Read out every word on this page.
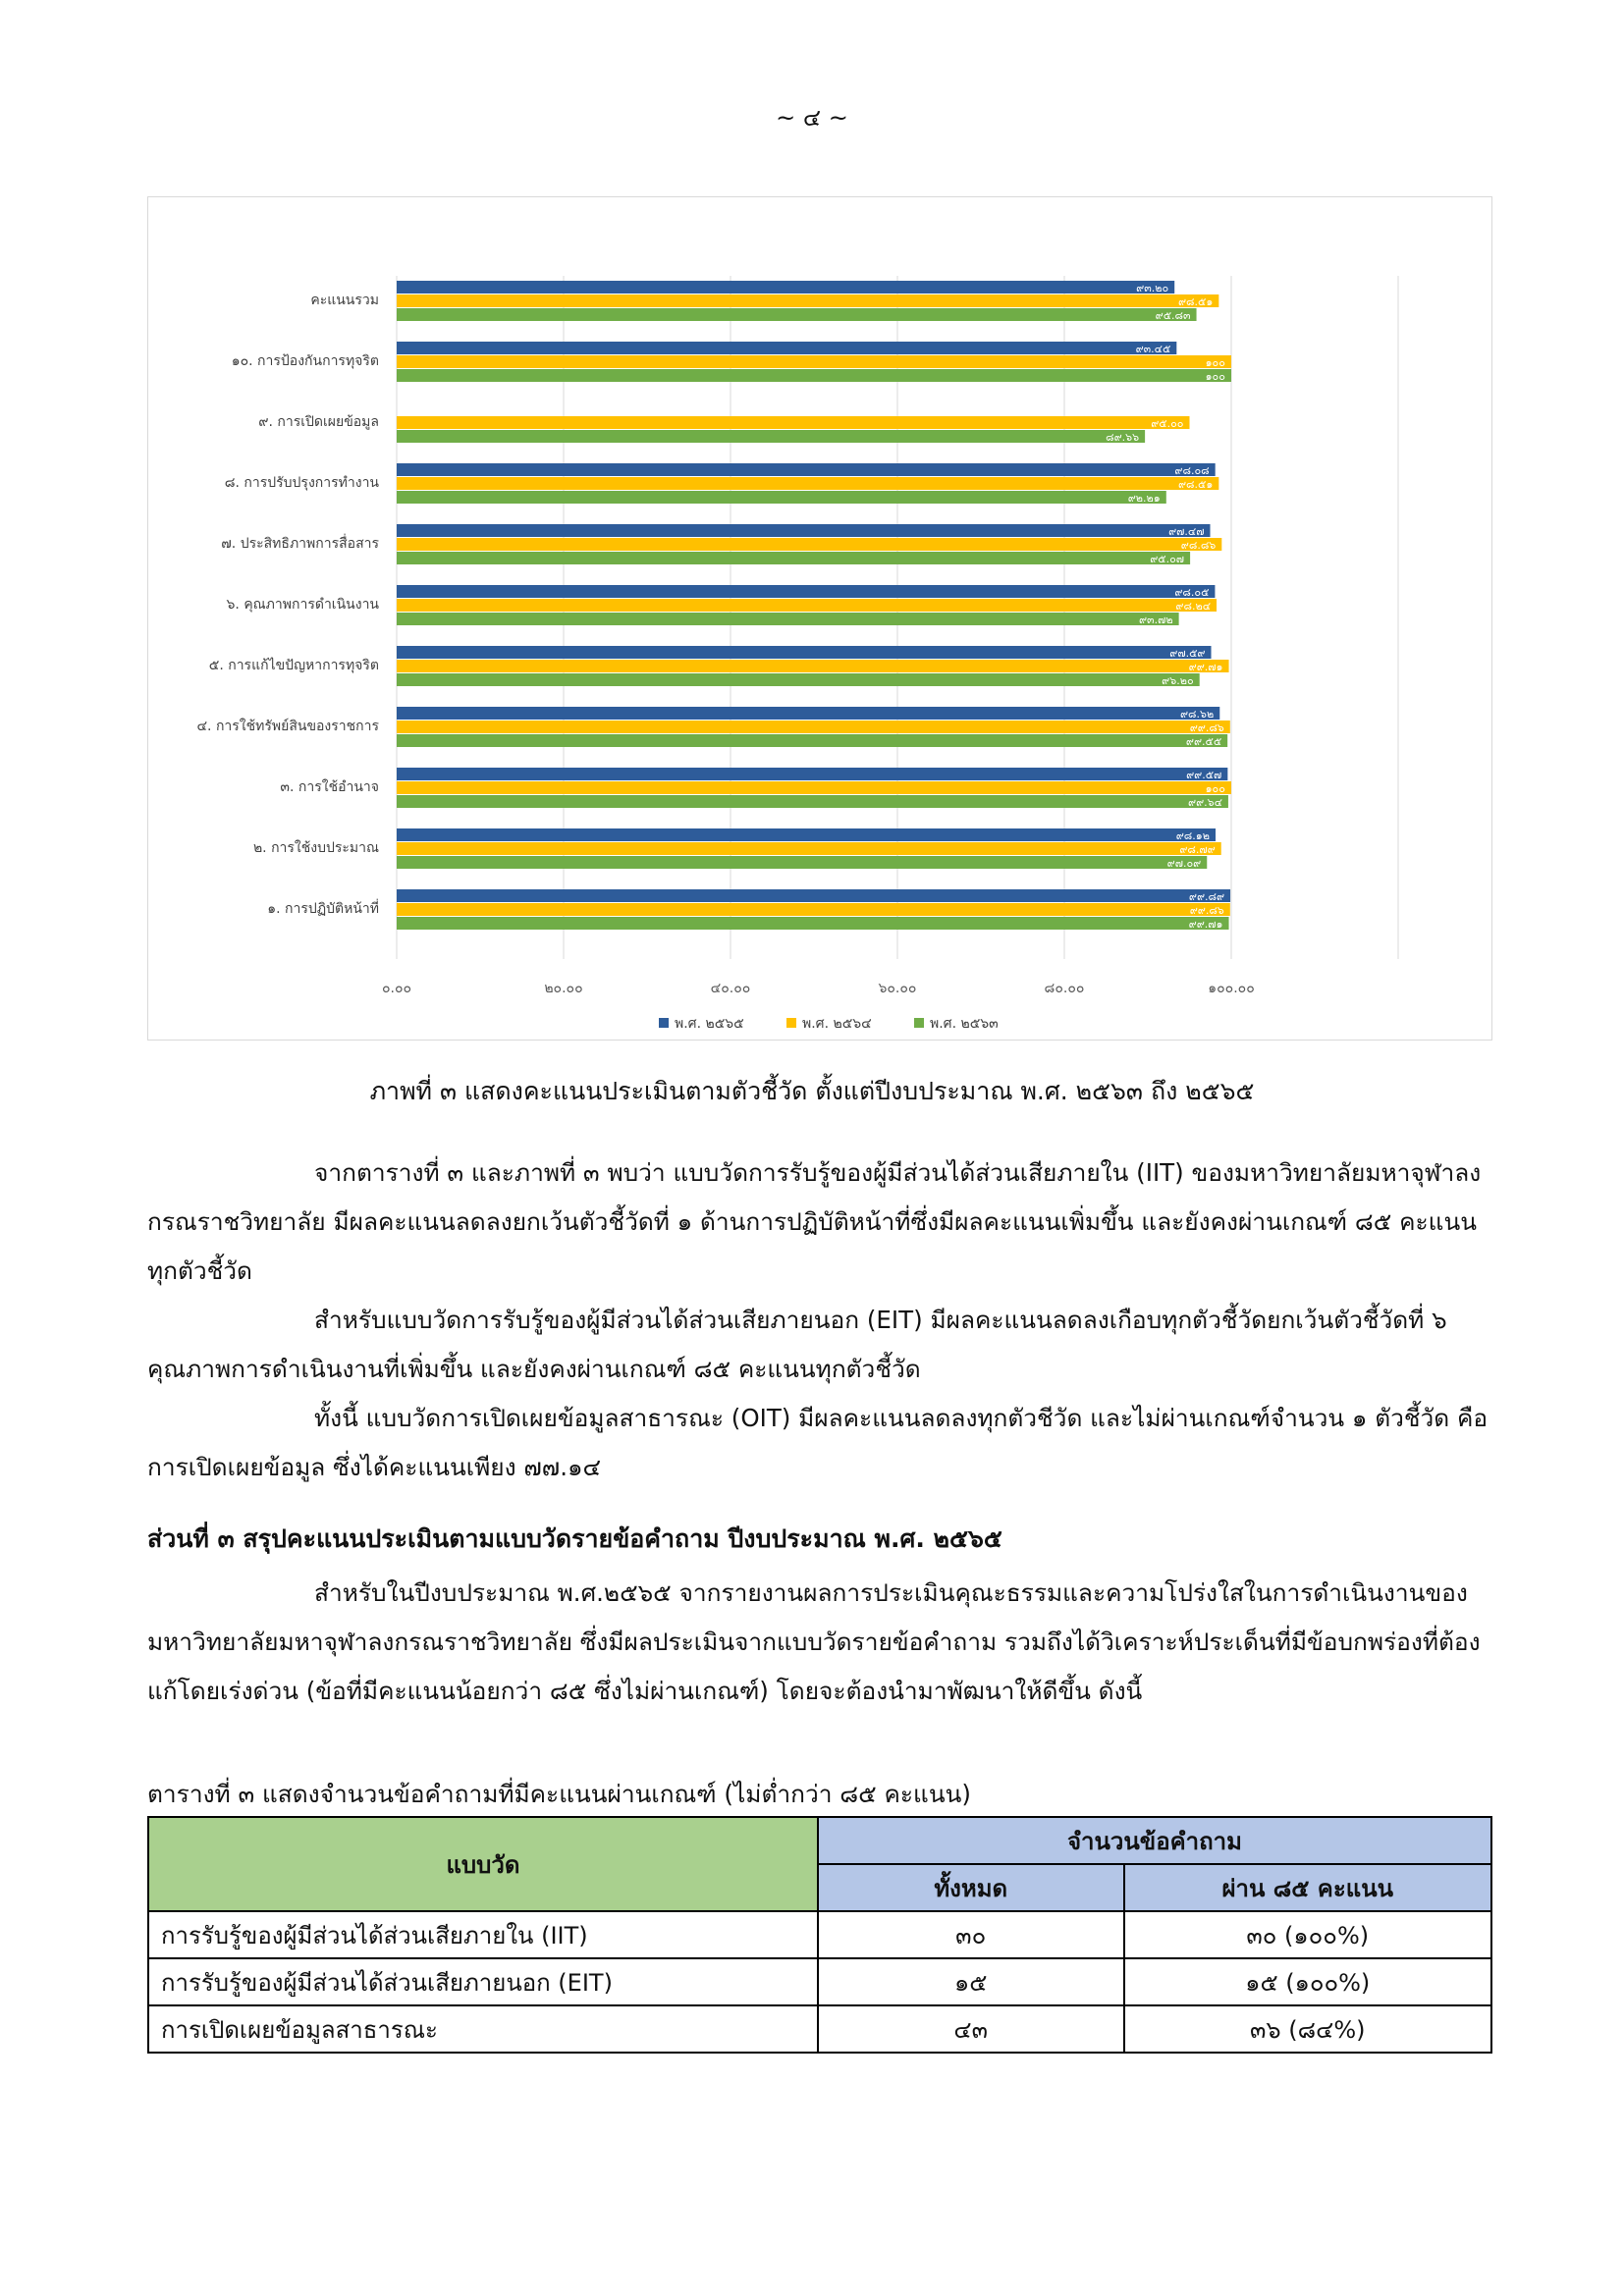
~ ๔ ~
๐.๐๐	๒๐.๐๐	๔๐.๐๐	๖๐.๐๐	๘๐.๐๐	๑๐๐.๐๐
คะแนนรวม
๙๓.๒๐
๙๘.๕๑
๙๕.๘๓
๑๐. การป้องกันการทุจริต
๙๓.๔๕
๑๐๐
๑๐๐
๙. การเปิดเผยข้อมูล	๙๕.๐๐
๘๙.๖๖
๘. การปรับปรุงการทำงาน
๙๘.๐๘
๙๘.๕๑
๙๒.๒๑
๗. ประสิทธิภาพการสื่อสาร
๙๗.๔๗
๙๘.๘๖
๙๕.๐๗
๖. คุณภาพการดำเนินงาน
๙๘.๐๕
๙๘.๒๔
๙๓.๗๒
๕. การแก้ไขปัญหาการทุจริต
๙๗.๕๙
๙๙.๗๑
๙๖.๒๐
๔. การใช้ทรัพย์สินของราชการ
๙๘.๖๒
๙๙.๘๖
๙๙.๕๕
๓. การใช้อำนาจ
๙๙.๕๗
๑๐๐
๙๙.๖๔
๒. การใช้งบประมาณ
๙๘.๑๒
๙๘.๗๙
๙๗.๐๙
๑. การปฏิบัติหน้าที่
๙๙.๘๙
๙๙.๘๖
๙๙.๗๑
พ.ศ. ๒๕๖๕	พ.ศ. ๒๕๖๔	พ.ศ. ๒๕๖๓
ภาพที่ ๓ แสดงคะแนนประเมินตามตัวชี้วัด ตั้งแต่ปีงบประมาณ พ.ศ. ๒๕๖๓ ถึง ๒๕๖๕

จากตารางที่ ๓ และภาพที่ ๓ พบว่า แบบวัดการรับรู้ของผู้มีส่วนได้ส่วนเสียภายใน (IIT) ของมหาวิทยาลัยมหาจุฬาลงกรณราชวิทยาลัย มีผลคะแนนลดลงยกเว้นตัวชี้วัดที่ ๑ ด้านการปฏิบัติหน้าที่ซึ่งมีผลคะแนนเพิ่มขึ้น และยังคงผ่านเกณฑ์ ๘๕ คะแนนทุกตัวชี้วัด

สำหรับแบบวัดการรับรู้ของผู้มีส่วนได้ส่วนเสียภายนอก (EIT) มีผลคะแนนลดลงเกือบทุกตัวชี้วัดยกเว้นตัวชี้วัดที่ ๖ คุณภาพการดำเนินงานที่เพิ่มขึ้น และยังคงผ่านเกณฑ์ ๘๕ คะแนนทุกตัวชี้วัด

ทั้งนี้ แบบวัดการเปิดเผยข้อมูลสาธารณะ (OIT) มีผลคะแนนลดลงทุกตัวชีวัด และไม่ผ่านเกณฑ์จำนวน ๑ ตัวชี้วัด คือ การเปิดเผยข้อมูล ซึ่งได้คะแนนเพียง ๗๗.๑๔

ส่วนที่ ๓ สรุปคะแนนประเมินตามแบบวัดรายข้อคำถาม ปีงบประมาณ พ.ศ. ๒๕๖๕

สำหรับในปีงบประมาณ พ.ศ.๒๕๖๕ จากรายงานผลการประเมินคุณะธรรมและความโปร่งใสในการดำเนินงานของมหาวิทยาลัยมหาจุฬาลงกรณราชวิทยาลัย ซึ่งมีผลประเมินจากแบบวัดรายข้อคำถาม รวมถึงได้วิเคราะห์ประเด็นที่มีข้อบกพร่องที่ต้องแก้โดยเร่งด่วน (ข้อที่มีคะแนนน้อยกว่า ๘๕ ซึ่งไม่ผ่านเกณฑ์) โดยจะต้องนำมาพัฒนาให้ดีขึ้น ดังนี้

ตารางที่ ๓ แสดงจำนวนข้อคำถามที่มีคะแนนผ่านเกณฑ์ (ไม่ต่ำกว่า ๘๕ คะแนน)

แบบวัด	จำนวนข้อคำถาม	
	ทั้งหมด	ผ่าน ๘๕ คะแนน
การรับรู้ของผู้มีส่วนได้ส่วนเสียภายใน (IIT)	๓๐	๓๐ (๑๐๐%)
การรับรู้ของผู้มีส่วนได้ส่วนเสียภายนอก (EIT)	๑๕	๑๕ (๑๐๐%)
การเปิดเผยข้อมูลสาธารณะ	๔๓	๓๖ (๘๔%)
